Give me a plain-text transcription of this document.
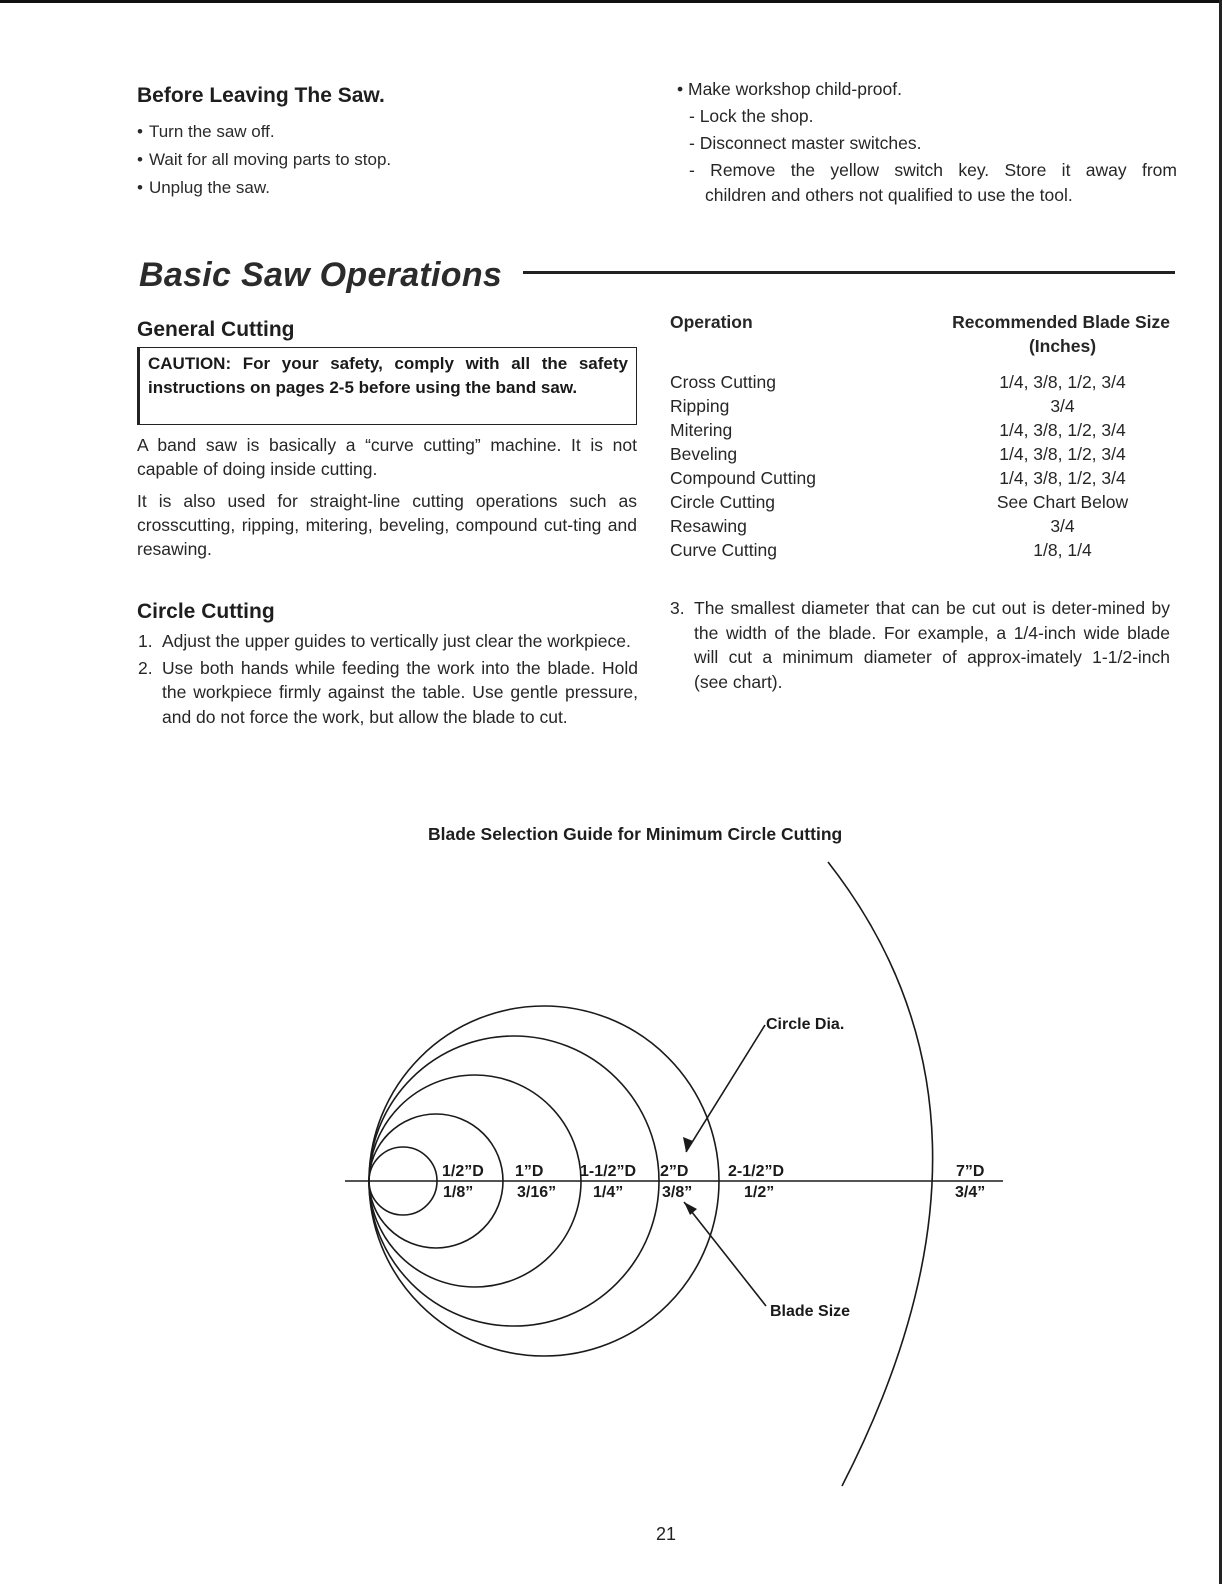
Before Leaving The Saw.
• Turn the saw off.
• Wait for all moving parts to stop.
• Unplug the saw.
• Make workshop child-proof.
- Lock the shop.
- Disconnect master switches.
- Remove the yellow switch key. Store it away from
children and others not qualified to use the tool.
Basic Saw Operations
General Cutting
CAUTION: For your safety, comply with all the safety instructions on pages 2-5 before using the band saw.
A band saw is basically a “curve cutting” machine. It is not capable of doing inside cutting.
It is also used for straight-line cutting operations such as crosscutting, ripping, mitering, beveling, compound cut-ting and resawing.
Operation	Recommended Blade Size
(Inches)

Cross Cutting	1/4, 3/8, 1/2, 3/4
Ripping	3/4
Mitering	1/4, 3/8, 1/2, 3/4
Beveling	1/4, 3/8, 1/2, 3/4
Compound Cutting	1/4, 3/8, 1/2, 3/4
Circle Cutting	See Chart Below
Resawing	3/4
Curve Cutting	1/8, 1/4
Circle Cutting
1. Adjust the upper guides to vertically just clear the workpiece.
2. Use both hands while feeding the work into the blade. Hold the workpiece firmly against the table. Use gentle pressure, and do not force the work, but allow the blade to cut.
3. The smallest diameter that can be cut out is deter-mined by the width of the blade. For example, a 1/4-inch wide blade will cut a minimum diameter of approx-imately 1-1/2-inch (see chart).
Blade Selection Guide for Minimum Circle Cutting
Circle Dia.
Blade Size
1/2”D
1/8”
1”D
3/16”
1-1/2”D
1/4”
2”D
3/8”
2-1/2”D
1/2”
7”D
3/4”
21
